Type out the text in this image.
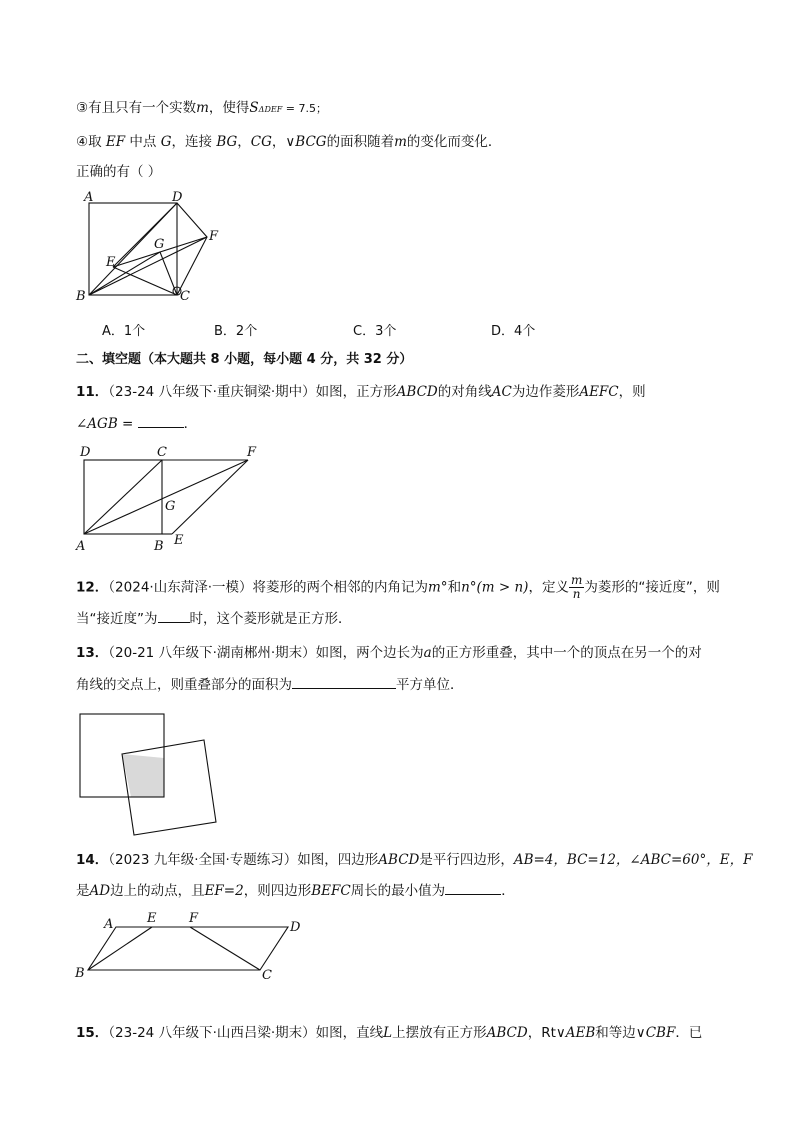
③有且只有一个实数m，使得SΔDEF = 7.5；
④取 EF 中点 G，连接 BG，CG，∨BCG的面积随着m的变化而变化．
正确的有（ ）
A	D
F
G
E
B	C
A．1个	B．2个	C．3个	D．4个
二、填空题（本大题共 8 小题，每小题 4 分，共 32 分）
11．（23-24 八年级下·重庆铜梁·期中）如图，正方形ABCD的对角线AC为边作菱形AEFC，则
∠AGB =	．
D	C	F
G
A	B E
12．（2024·山东菏泽·一模）将菱形的两个相邻的内角记为m°和n°(m > n)，定义 $\frac{m}{n}$ 为菱形的“接近度”，则
当“接近度”为 时，这个菱形就是正方形．
13．（20-21 八年级下·湖南郴州·期末）如图，两个边长为a的正方形重叠，其中一个的顶点在另一个的对
角线的交点上，则重叠部分的面积为	平方单位．
14．（2023 九年级·全国·专题练习）如图，四边形ABCD是平行四边形，AB=4，BC=12，∠ABC=60°，E，F
是AD边上的动点，且EF=2，则四边形BEFC周长的最小值为	．
A	E	F
D
B	C
15．（23-24 八年级下·山西吕梁·期末）如图，直线L上摆放有正方形ABCD，Rt∨AEB和等边∨CBF．已
